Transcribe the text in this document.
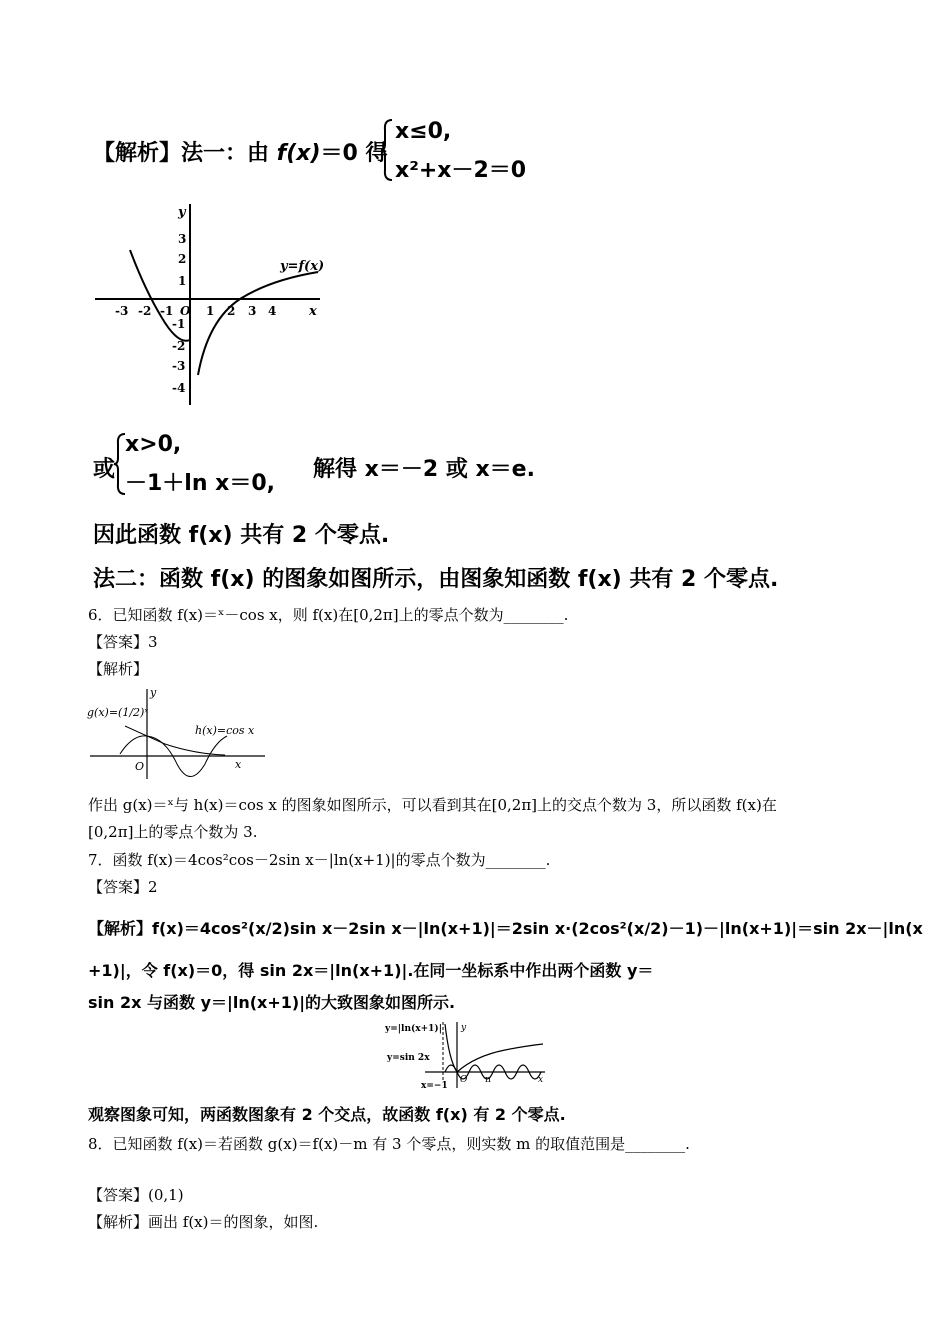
【解析】法一：由 f(x)＝0 得
x≤0,
x²+x－2＝0
y
x
-3 -2 -1 O 1 2 3 4
3
2
1
-1
-2
-3
-4
y=f(x)
或
x>0,
－1＋ln x＝0,
解得 x＝－2 或 x＝e.
因此函数 f(x) 共有 2 个零点.
法二：函数 f(x) 的图象如图所示，由图象知函数 f(x) 共有 2 个零点.
6．已知函数 f(x)＝ˣ－cos x，则 f(x)在[0,2π]上的零点个数为________.
【答案】3
【解析】
y
x
O
g(x)=(1/2)ˣ
h(x)=cos x
作出 g(x)＝ˣ与 h(x)＝cos x 的图象如图所示，可以看到其在[0,2π]上的交点个数为 3，所以函数 f(x)在
[0,2π]上的零点个数为 3.
7．函数 f(x)＝4cos²cos－2sin x－|ln(x+1)|的零点个数为________.
【答案】2
【解析】f(x)＝4cos²(x/2)sin x－2sin x－|ln(x+1)|＝2sin x·(2cos²(x/2)－1)－|ln(x+1)|＝sin 2x－|ln(x
+1)|，令 f(x)＝0，得 sin 2x＝|ln(x+1)|.在同一坐标系中作出两个函数 y＝
sin 2x 与函数 y＝|ln(x+1)|的大致图象如图所示.
y=|ln(x+1)|
y=sin 2x
x=−1
O π	x
y
观察图象可知，两函数图象有 2 个交点，故函数 f(x) 有 2 个零点.
8．已知函数 f(x)＝若函数 g(x)＝f(x)－m 有 3 个零点，则实数 m 的取值范围是________.
【答案】(0,1)
【解析】画出 f(x)＝的图象，如图.
